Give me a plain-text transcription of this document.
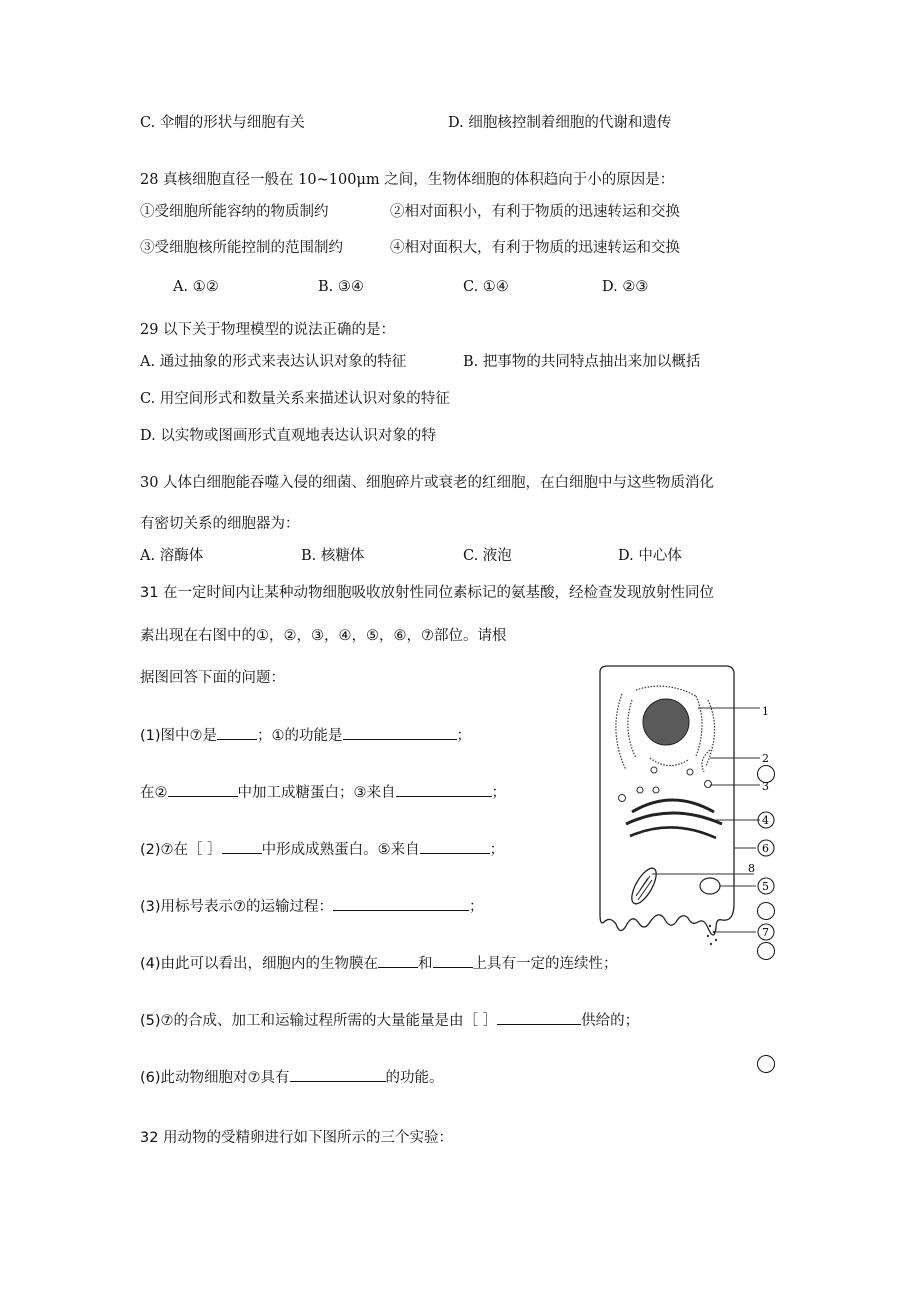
C. 伞帽的形状与细胞有关	D. 细胞核控制着细胞的代谢和遗传
28 真核细胞直径一般在 10~100μm 之间，生物体细胞的体积趋向于小的原因是：
①受细胞所能容纳的物质制约	②相对面积小，有利于物质的迅速转运和交换
③受细胞核所能控制的范围制约	④相对面积大，有利于物质的迅速转运和交换
A. ①②	B. ③④	C. ①④	D. ②③
29 以下关于物理模型的说法正确的是：
A. 通过抽象的形式来表达认识对象的特征	B. 把事物的共同特点抽出来加以概括
C. 用空间形式和数量关系来描述认识对象的特征
D. 以实物或图画形式直观地表达认识对象的特
30 人体白细胞能吞噬入侵的细菌、细胞碎片或衰老的红细胞，在白细胞中与这些物质消化
有密切关系的细胞器为：
A. 溶酶体	B. 核糖体	C. 液泡	D. 中心体
31 在一定时间内让某种动物细胞吸收放射性同位素标记的氨基酸，经检查发现放射性同位
素出现在右图中的①，②，③，④，⑤，⑥，⑦部位。请根
据图回答下面的问题：
(1)图中⑦是	；①的功能是	；
在②	中加工成糖蛋白；③来自	；
(2)⑦在［ ］	中形成成熟蛋白。⑤来自	；
(3)用标号表示⑦的运输过程：	；
(4)由此可以看出，细胞内的生物膜在	和	上具有一定的连续性；
(5)⑦的合成、加工和运输过程所需的大量能量是由［ ］	供给的；
(6)此动物细胞对⑦具有	的功能。
1
2
3
4
6
8
5
7
32 用动物的受精卵进行如下图所示的三个实验：
